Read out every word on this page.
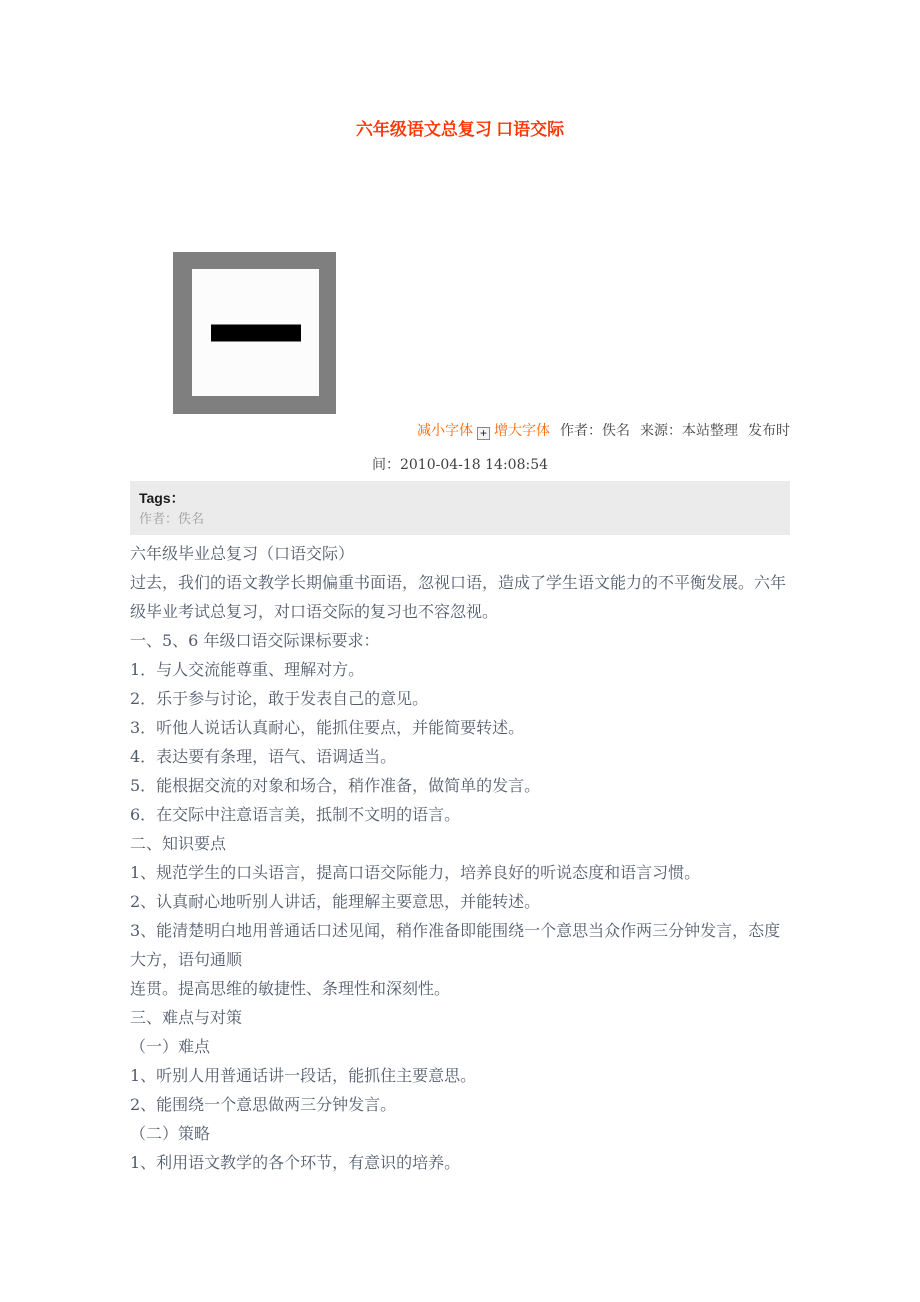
六年级语文总复习 口语交际
减小字体 + 增大字体 作者：佚名 来源：本站整理 发布时
间：2010-04-18 14:08:54
Tags：
作者：佚名

六年级毕业总复习（口语交际）

过去，我们的语文教学长期偏重书面语，忽视口语，造成了学生语文能力的不平衡发展。六年级毕业考试总复习，对口语交际的复习也不容忽视。

一、5、6 年级口语交际课标要求：

1．与人交流能尊重、理解对方。

2．乐于参与讨论，敢于发表自己的意见。

3．听他人说话认真耐心，能抓住要点，并能简要转述。

4．表达要有条理，语气、语调适当。

5．能根据交流的对象和场合，稍作准备，做简单的发言。

6．在交际中注意语言美，抵制不文明的语言。

二、知识要点

1、规范学生的口头语言，提高口语交际能力，培养良好的听说态度和语言习惯。

2、认真耐心地听别人讲话，能理解主要意思，并能转述。

3、能清楚明白地用普通话口述见闻，稍作准备即能围绕一个意思当众作两三分钟发言，态度大方，语句通顺

连贯。提高思维的敏捷性、条理性和深刻性。

三、难点与对策

（一）难点

1、听别人用普通话讲一段话，能抓住主要意思。

2、能围绕一个意思做两三分钟发言。

（二）策略

1、利用语文教学的各个环节，有意识的培养。
